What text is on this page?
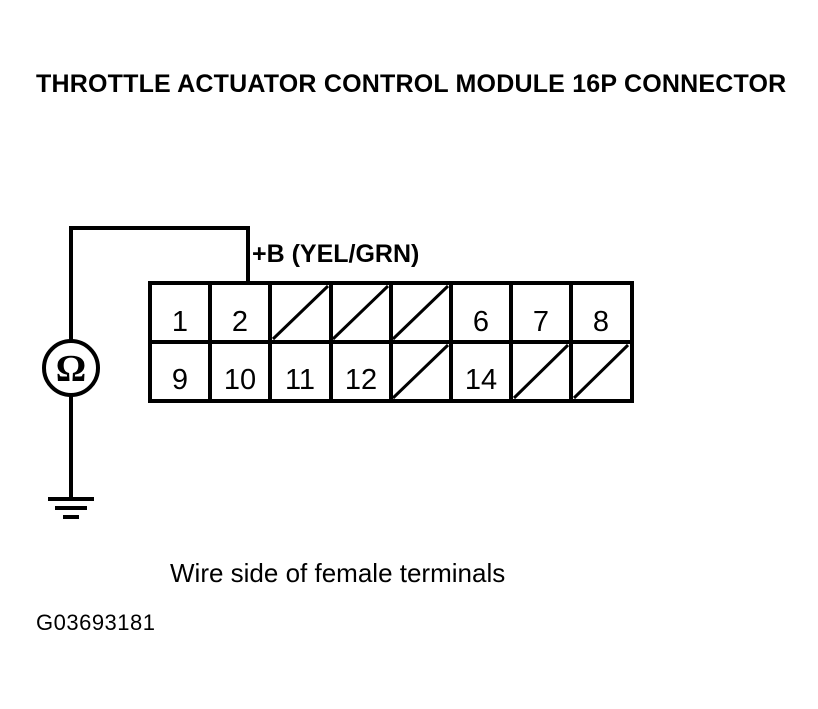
THROTTLE ACTUATOR CONTROL MODULE 16P CONNECTOR
Ω
1 2	6 7 8
9 10 11 12	14
+B (YEL/GRN)
Wire side of female terminals
G03693181
